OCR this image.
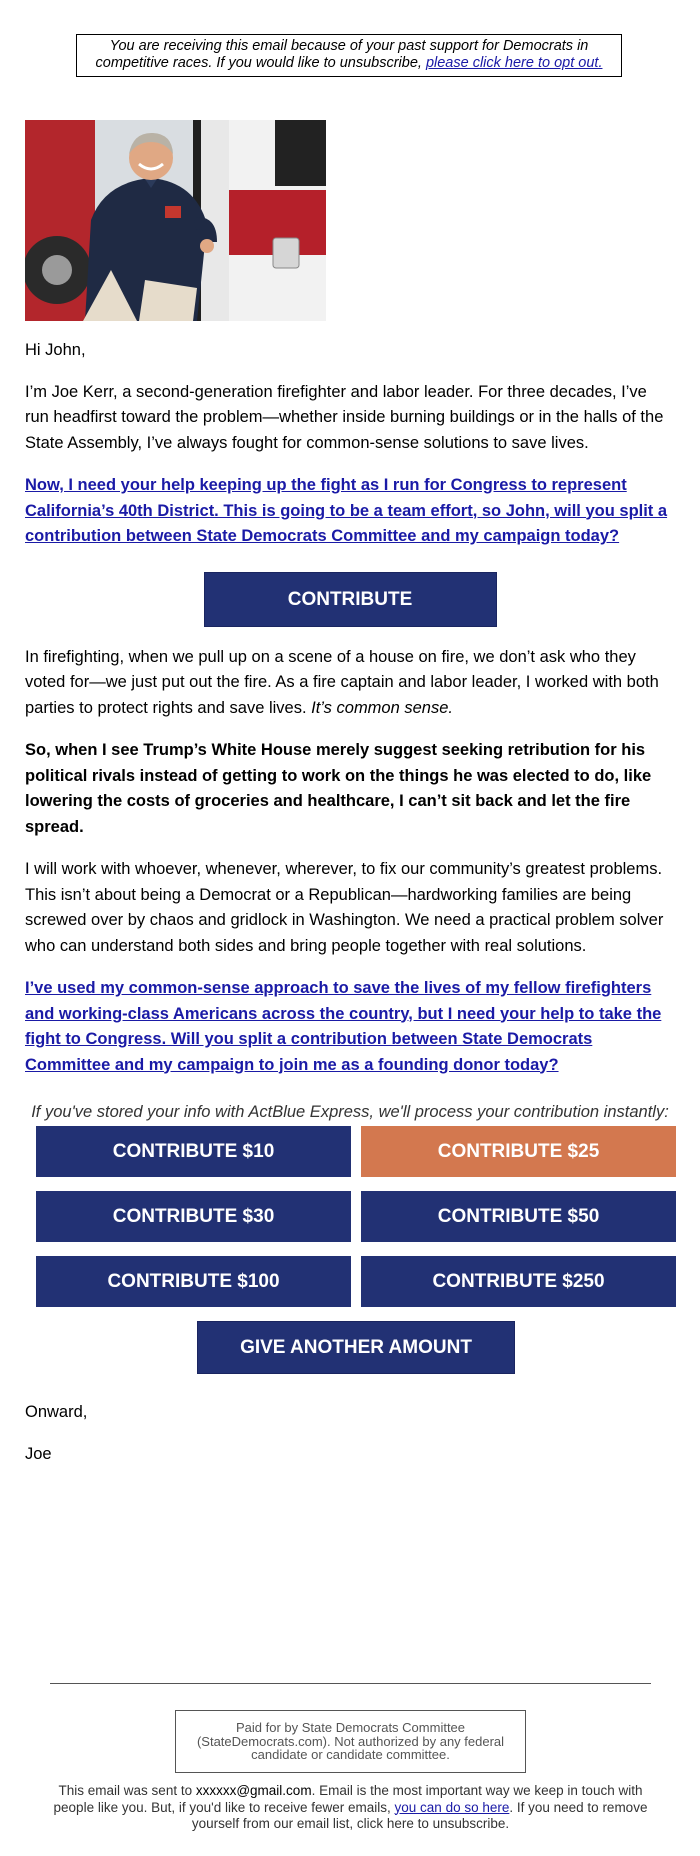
You are receiving this email because of your past support for Democrats in competitive races. If you would like to unsubscribe, please click here to opt out.

Hi John,

I’m Joe Kerr, a second-generation firefighter and labor leader. For three decades, I’ve run headfirst toward the problem—whether inside burning buildings or in the halls of the State Assembly, I’ve always fought for common-sense solutions to save lives.

Now, I need your help keeping up the fight as I run for Congress to represent California’s 40th District. This is going to be a team effort, so John, will you split a contribution between State Democrats Committee and my campaign today?

CONTRIBUTE

In firefighting, when we pull up on a scene of a house on fire, we don’t ask who they voted for—we just put out the fire. As a fire captain and labor leader, I worked with both parties to protect rights and save lives. It’s common sense.

So, when I see Trump’s White House merely suggest seeking retribution for his political rivals instead of getting to work on the things he was elected to do, like lowering the costs of groceries and healthcare, I can’t sit back and let the fire spread.

I will work with whoever, whenever, wherever, to fix our community’s greatest problems. This isn’t about being a Democrat or a Republican—hardworking families are being screwed over by chaos and gridlock in Washington. We need a practical problem solver who can understand both sides and bring people together with real solutions.

I’ve used my common-sense approach to save the lives of my fellow firefighters and working-class Americans across the country, but I need your help to take the fight to Congress. Will you split a contribution between State Democrats Committee and my campaign to join me as a founding donor today?

If you've stored your info with ActBlue Express, we'll process your contribution instantly:

CONTRIBUTE $10	CONTRIBUTE $25
CONTRIBUTE $30	CONTRIBUTE $50
CONTRIBUTE $100	CONTRIBUTE $250
GIVE ANOTHER AMOUNT

Onward,

Joe

Paid for by State Democrats Committee (StateDemocrats.com). Not authorized by any federal candidate or candidate committee.
This email was sent to xxxxxx@gmail.com. Email is the most important way we keep in touch with people like you. But, if you'd like to receive fewer emails, you can do so here. If you need to remove yourself from our email list, click here to unsubscribe.
